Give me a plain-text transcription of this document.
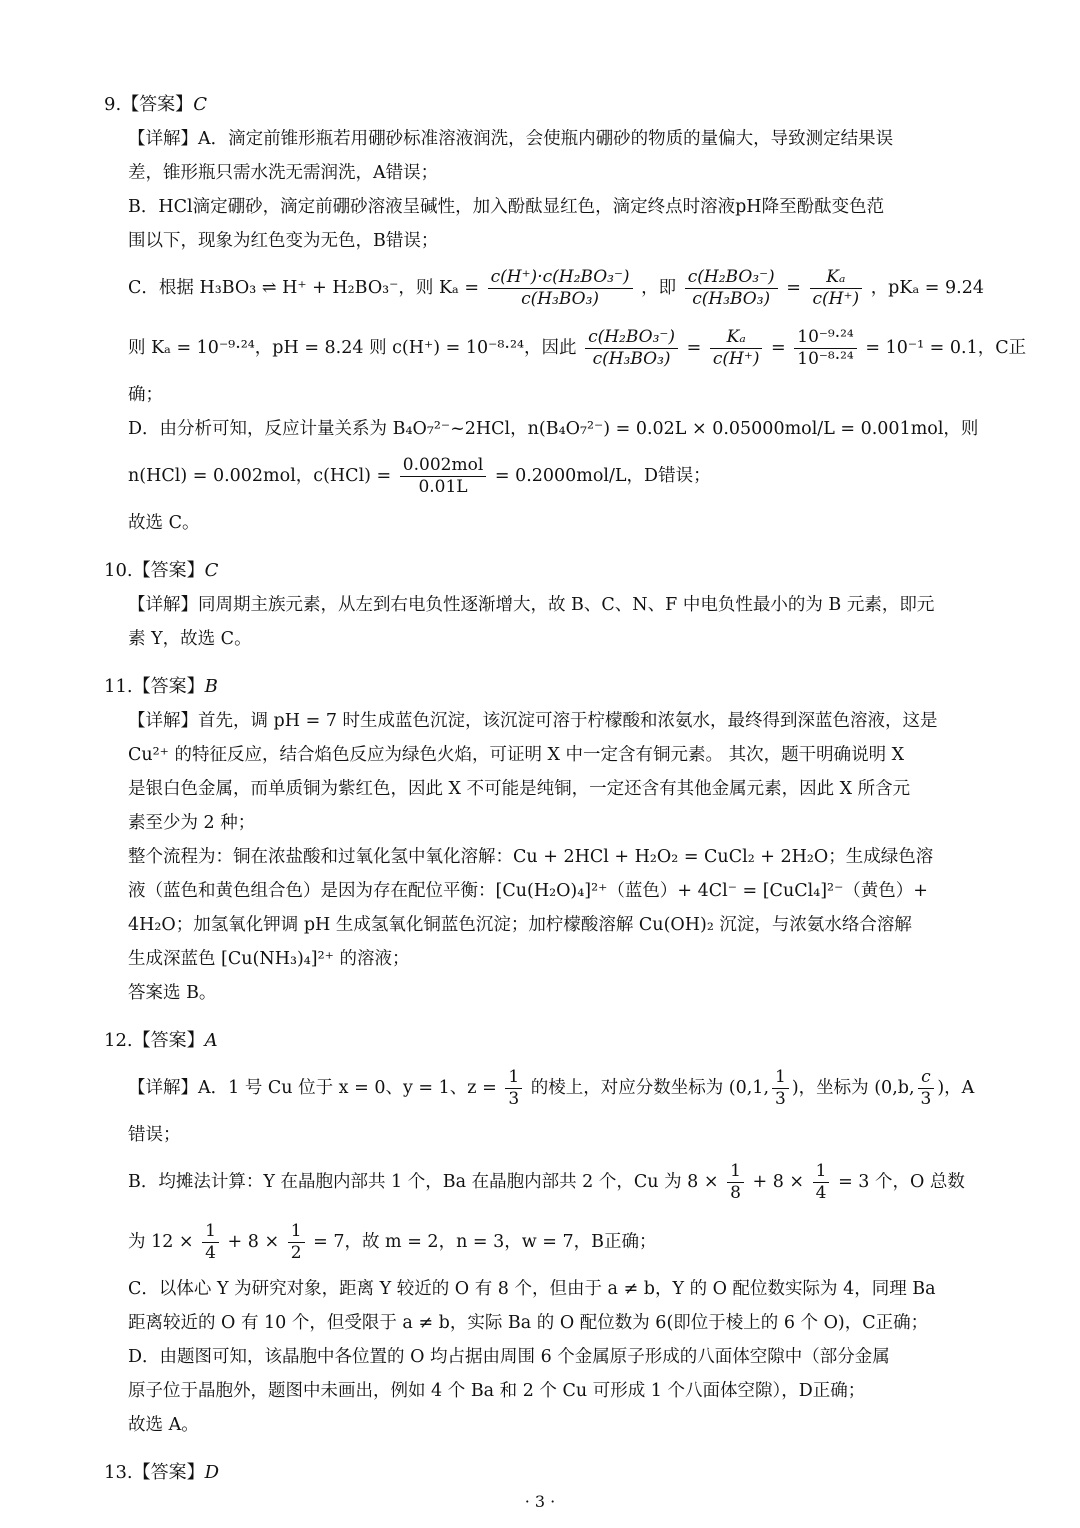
9.【答案】C
【详解】A．滴定前锥形瓶若用硼砂标准溶液润洗，会使瓶内硼砂的物质的量偏大，导致测定结果误
差，锥形瓶只需水洗无需润洗，A错误；
B．HCl滴定硼砂，滴定前硼砂溶液呈碱性，加入酚酞显红色，滴定终点时溶液pH降至酚酞变色范
围以下，现象为红色变为无色，B错误；
C．根据 H₃BO₃ ⇌ H⁺ + H₂BO₃⁻，则 $K_a = \frac{\text{c(H⁺)·c(H₂BO₃⁻)}}{\text{c(H₃BO₃)}}$ ，即 $\frac{\text{c(H₂BO₃⁻)}}{\text{c(H₃BO₃)}} = \frac{\text{Kₐ}}{c(H^+)}$ ，pKₐ = 9.24
则 Kₐ = 10⁻⁹·²⁴，pH = 8.24 则 c(H⁺) = 10⁻⁸·²⁴，因此 $\frac{\text{c(H₂BO₃⁻)}}{\text{c(H₃BO₃)}} = \frac{\text{Kₐ}}{c(H^+)} = \frac{\text{10⁻⁹·²⁴}}{\text{10⁻⁸·²⁴}} = 10^{-1} = 0.1$，C正
确；
D．由分析可知，反应计量关系为 B₄O₇²⁻~2HCl，n(B₄O₇²⁻) = 0.02L × 0.05000mol/L = 0.001mol，则
n(HCl) = 0.002mol，$c(HCl) = \frac{\text{0.002mol}}{0.01L} = 0.2000mol/L$，D错误；
故选 C。
10.【答案】C
【详解】同周期主族元素，从左到右电负性逐渐增大，故 B、C、N、F 中电负性最小的为 B 元素，即元
素 Y，故选 C。
11.【答案】B
【详解】首先，调 pH = 7 时生成蓝色沉淀，该沉淀可溶于柠檬酸和浓氨水，最终得到深蓝色溶液，这是
Cu²⁺ 的特征反应，结合焰色反应为绿色火焰，可证明 X 中一定含有铜元素。 其次，题干明确说明 X
是银白色金属，而单质铜为紫红色，因此 X 不可能是纯铜，一定还含有其他金属元素，因此 X 所含元
素至少为 2 种；
整个流程为：铜在浓盐酸和过氧化氢中氧化溶解：Cu + 2HCl + H₂O₂ = CuCl₂ + 2H₂O；生成绿色溶
液（蓝色和黄色组合色）是因为存在配位平衡：[Cu(H₂O)₄]²⁺（蓝色）+ 4Cl⁻ = [CuCl₄]²⁻（黄色）+
4H₂O；加氢氧化钾调 pH 生成氢氧化铜蓝色沉淀；加柠檬酸溶解 Cu(OH)₂ 沉淀，与浓氨水络合溶解
生成深蓝色 [Cu(NH₃)₄]²⁺ 的溶液；
答案选 B。
12.【答案】A
【详解】A．1 号 Cu 位于 x = 0、y = 1、$z = \frac{1}{3}$ 的棱上，对应分数坐标为 (0,1, $\frac{1}{3}$ )，坐标为 (0,b, $\frac{c}{3}$ )，A
错误；
B．均摊法计算：Y 在晶胞内部共 1 个，Ba 在晶胞内部共 2 个，Cu 为 $8 \times \frac{1}{8} + 8 \times \frac{1}{4} = 3$ 个，O 总数
为 $12 \times \frac{1}{4} + 8 \times \frac{1}{2} = 7$，故 m = 2，n = 3，w = 7，B正确；
C．以体心 Y 为研究对象，距离 Y 较近的 O 有 8 个，但由于 a ≠ b，Y 的 O 配位数实际为 4，同理 Ba
距离较近的 O 有 10 个，但受限于 a ≠ b，实际 Ba 的 O 配位数为 6(即位于棱上的 6 个 O)，C正确；
D．由题图可知，该晶胞中各位置的 O 均占据由周围 6 个金属原子形成的八面体空隙中（部分金属
原子位于晶胞外，题图中未画出，例如 4 个 Ba 和 2 个 Cu 可形成 1 个八面体空隙），D正确；
故选 A。
13.【答案】D
· 3 ·
